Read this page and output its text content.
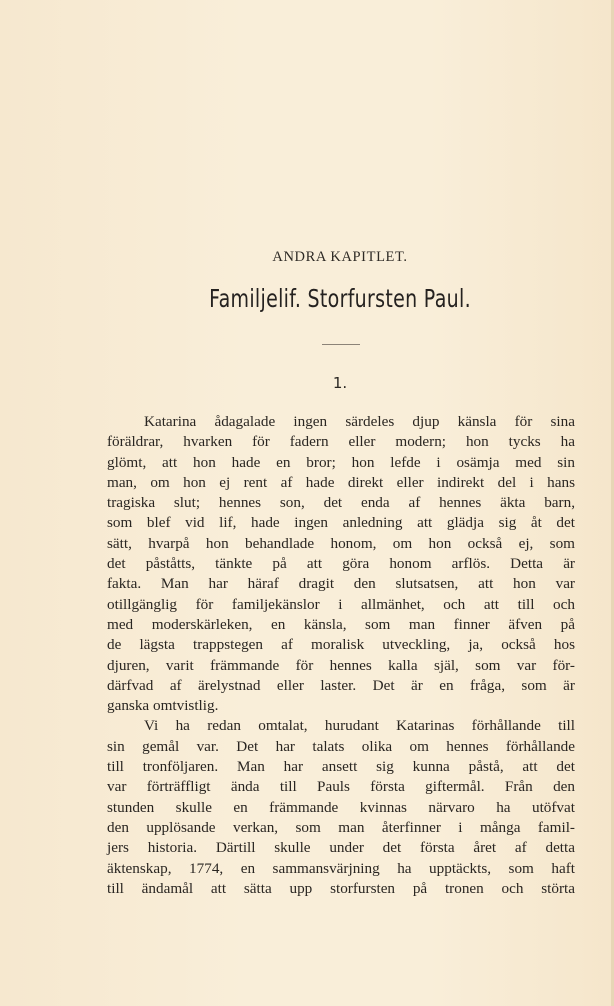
ANDRA KAPITLET.
Familjelif. Storfursten Paul.
1.
Katarina ådagalade ingen särdeles djup känsla för sina
föräldrar, hvarken för fadern eller modern; hon tycks ha
glömt, att hon hade en bror; hon lefde i osämja med sin
man, om hon ej rent af hade direkt eller indirekt del i hans
tragiska slut; hennes son, det enda af hennes äkta barn,
som blef vid lif, hade ingen anledning att glädja sig åt det
sätt, hvarpå hon behandlade honom, om hon också ej, som
det påståtts, tänkte på att göra honom arflös. Detta är
fakta. Man har häraf dragit den slutsatsen, att hon var
otillgänglig för familjekänslor i allmänhet, och att till och
med moderskärleken, en känsla, som man finner äfven på
de lägsta trappstegen af moralisk utveckling, ja, också hos
djuren, varit främmande för hennes kalla själ, som var för-
därfvad af ärelystnad eller laster. Det är en fråga, som är
ganska omtvistlig.
Vi ha redan omtalat, hurudant Katarinas förhållande till
sin gemål var. Det har talats olika om hennes förhållande
till tronföljaren. Man har ansett sig kunna påstå, att det
var förträffligt ända till Pauls första giftermål. Från den
stunden skulle en främmande kvinnas närvaro ha utöfvat
den upplösande verkan, som man återfinner i många famil-
jers historia. Därtill skulle under det första året af detta
äktenskap, 1774, en sammansvärjning ha upptäckts, som haft
till ändamål att sätta upp storfursten på tronen och störta
